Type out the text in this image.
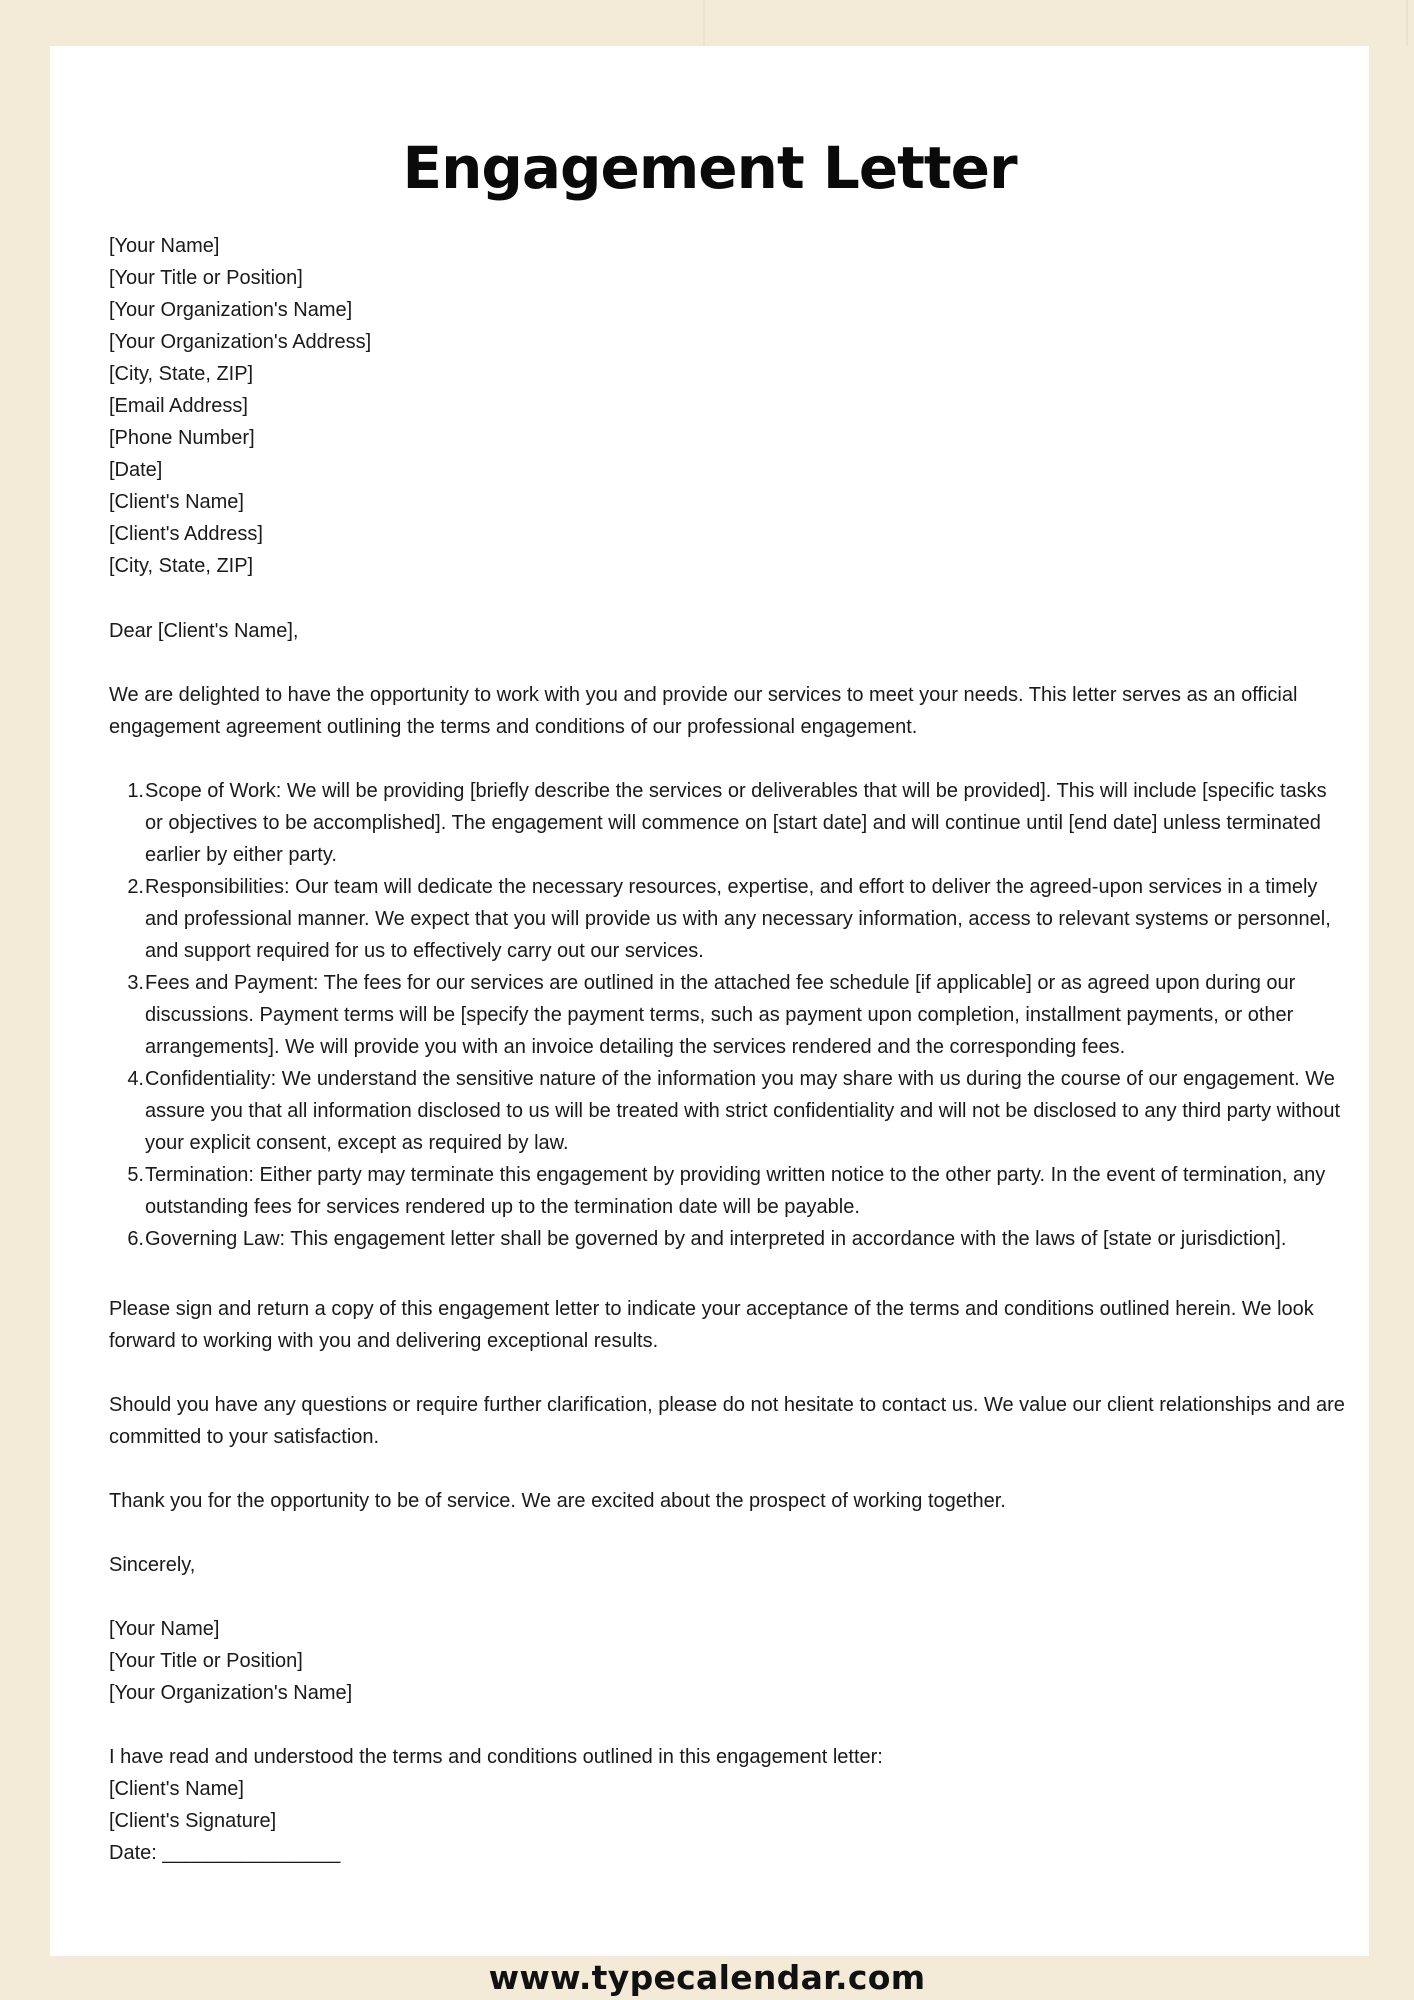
Engagement Letter
[Your Name]
[Your Title or Position]
[Your Organization's Name]
[Your Organization's Address]
[City, State, ZIP]
[Email Address]
[Phone Number]
[Date]
[Client's Name]
[Client's Address]
[City, State, ZIP]

Dear [Client's Name],

We are delighted to have the opportunity to work with you and provide our services to meet your needs. This letter serves as an official engagement agreement outlining the terms and conditions of our professional engagement.

1. Scope of Work: We will be providing [briefly describe the services or deliverables that will be provided]. This will include [specific tasks or objectives to be accomplished]. The engagement will commence on [start date] and will continue until [end date] unless terminated earlier by either party.
2. Responsibilities: Our team will dedicate the necessary resources, expertise, and effort to deliver the agreed-upon services in a timely and professional manner. We expect that you will provide us with any necessary information, access to relevant systems or personnel, and support required for us to effectively carry out our services.
3. Fees and Payment: The fees for our services are outlined in the attached fee schedule [if applicable] or as agreed upon during our discussions. Payment terms will be [specify the payment terms, such as payment upon completion, installment payments, or other arrangements]. We will provide you with an invoice detailing the services rendered and the corresponding fees.
4. Confidentiality: We understand the sensitive nature of the information you may share with us during the course of our engagement. We assure you that all information disclosed to us will be treated with strict confidentiality and will not be disclosed to any third party without your explicit consent, except as required by law.
5. Termination: Either party may terminate this engagement by providing written notice to the other party. In the event of termination, any outstanding fees for services rendered up to the termination date will be payable.
6. Governing Law: This engagement letter shall be governed by and interpreted in accordance with the laws of [state or jurisdiction].

Please sign and return a copy of this engagement letter to indicate your acceptance of the terms and conditions outlined herein. We look forward to working with you and delivering exceptional results.

Should you have any questions or require further clarification, please do not hesitate to contact us. We value our client relationships and are committed to your satisfaction.

Thank you for the opportunity to be of service. We are excited about the prospect of working together.

Sincerely,

[Your Name]
[Your Title or Position]
[Your Organization's Name]
I have read and understood the terms and conditions outlined in this engagement letter:
[Client's Name]
[Client's Signature]
Date: ________________
www.typecalendar.com
